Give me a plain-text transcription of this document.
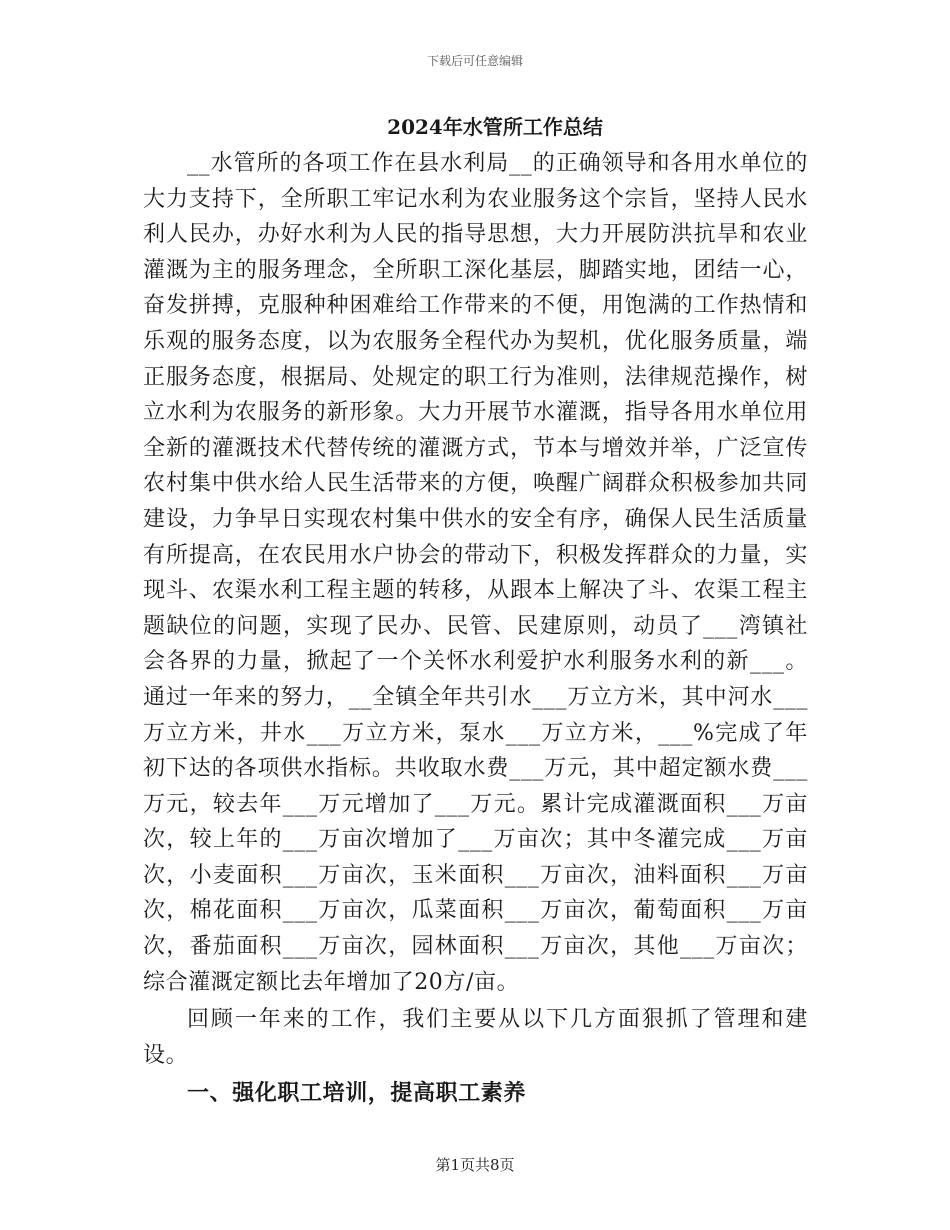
下载后可任意编辑
2024年水管所工作总结

__水管所的各项工作在县水利局__的正确领导和各用水单位的大力支持下，全所职工牢记水利为农业服务这个宗旨，坚持人民水利人民办，办好水利为人民的指导思想，大力开展防洪抗旱和农业灌溉为主的服务理念，全所职工深化基层，脚踏实地，团结一心，奋发拼搏，克服种种困难给工作带来的不便，用饱满的工作热情和乐观的服务态度，以为农服务全程代办为契机，优化服务质量，端正服务态度，根据局、处规定的职工行为准则，法律规范操作，树立水利为农服务的新形象。大力开展节水灌溉，指导各用水单位用全新的灌溉技术代替传统的灌溉方式，节本与增效并举，广泛宣传农村集中供水给人民生活带来的方便，唤醒广阔群众积极参加共同建设，力争早日实现农村集中供水的安全有序，确保人民生活质量有所提高，在农民用水户协会的带动下，积极发挥群众的力量，实现斗、农渠水利工程主题的转移，从跟本上解决了斗、农渠工程主题缺位的问题，实现了民办、民管、民建原则，动员了___湾镇社会各界的力量，掀起了一个关怀水利爱护水利服务水利的新___。通过一年来的努力，__全镇全年共引水___万立方米，其中河水___万立方米，井水___万立方米，泵水___万立方米，___%完成了年初下达的各项供水指标。共收取水费___万元，其中超定额水费___万元，较去年___万元增加了___万元。累计完成灌溉面积___万亩次，较上年的___万亩次增加了___万亩次；其中冬灌完成___万亩次，小麦面积___万亩次，玉米面积___万亩次，油料面积___万亩次，棉花面积___万亩次，瓜菜面积___万亩次，葡萄面积___万亩次，番茄面积___万亩次，园林面积___万亩次，其他___万亩次；综合灌溉定额比去年增加了20方/亩。

回顾一年来的工作，我们主要从以下几方面狠抓了管理和建设。

一、强化职工培训，提高职工素养

第1页共8页
